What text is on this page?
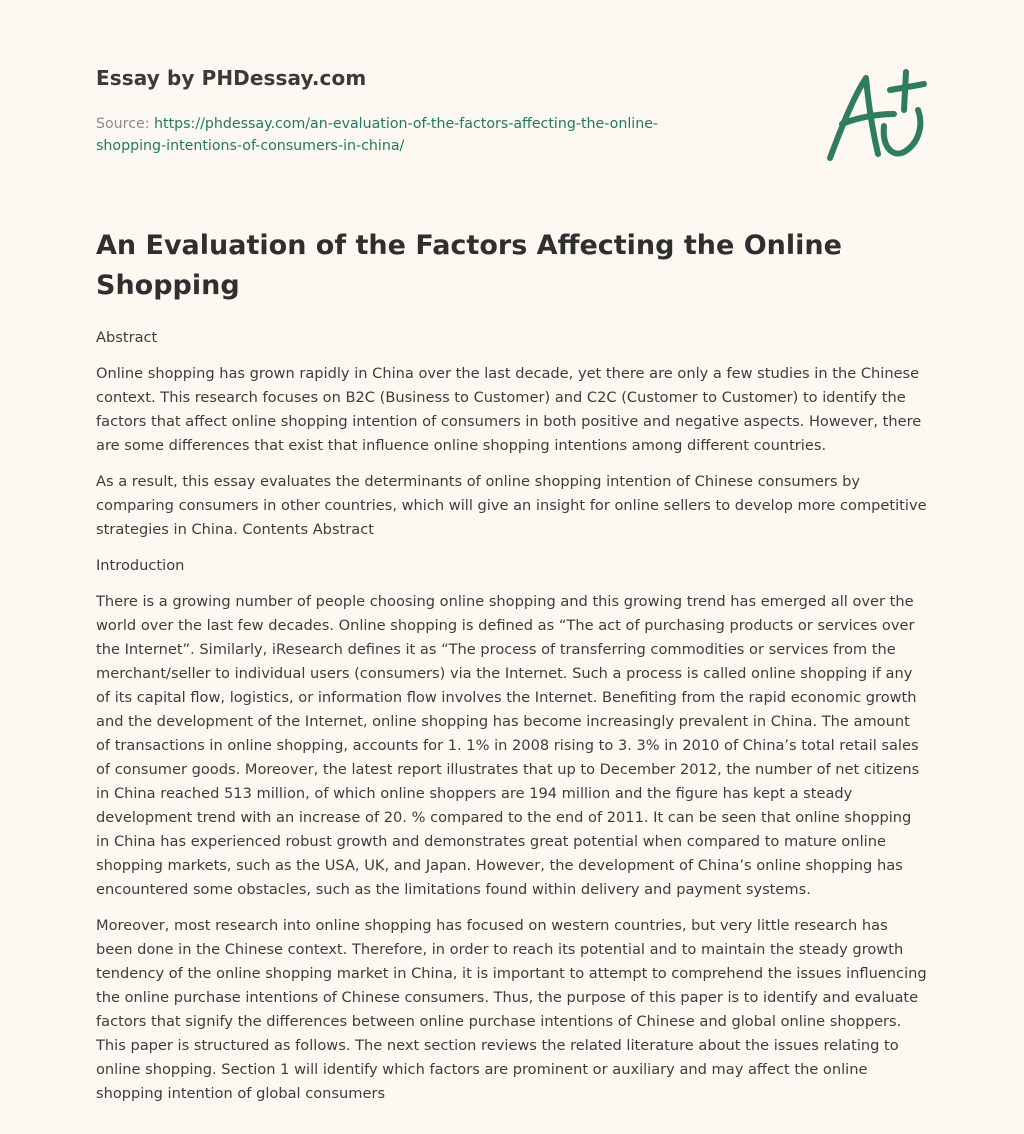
Essay by PHDessay.com
Source: https://phdessay.com/an-evaluation-of-the-factors-affecting-the-online-
shopping-intentions-of-consumers-in-china/
An Evaluation of the Factors Affecting the Online Shopping

Abstract

Online shopping has grown rapidly in China over the last decade, yet there are only a few studies in the Chinese context. This research focuses on B2C (Business to Customer) and C2C (Customer to Customer) to identify the factors that affect online shopping intention of consumers in both positive and negative aspects. However, there are some differences that exist that influence online shopping intentions among different countries.

As a result, this essay evaluates the determinants of online shopping intention of Chinese consumers by comparing consumers in other countries, which will give an insight for online sellers to develop more competitive strategies in China. Contents Abstract

Introduction

There is a growing number of people choosing online shopping and this growing trend has emerged all over the world over the last few decades. Online shopping is defined as “The act of purchasing products or services over the Internet”. Similarly, iResearch defines it as “The process of transferring commodities or services from the merchant/seller to individual users (consumers) via the Internet. Such a process is called online shopping if any of its capital flow, logistics, or information flow involves the Internet. Benefiting from the rapid economic growth and the development of the Internet, online shopping has become increasingly prevalent in China. The amount of transactions in online shopping, accounts for 1. 1% in 2008 rising to 3. 3% in 2010 of China’s total retail sales of consumer goods. Moreover, the latest report illustrates that up to December 2012, the number of net citizens in China reached 513 million, of which online shoppers are 194 million and the figure has kept a steady development trend with an increase of 20. % compared to the end of 2011. It can be seen that online shopping in China has experienced robust growth and demonstrates great potential when compared to mature online shopping markets, such as the USA, UK, and Japan. However, the development of China’s online shopping has encountered some obstacles, such as the limitations found within delivery and payment systems.

Moreover, most research into online shopping has focused on western countries, but very little research has been done in the Chinese context. Therefore, in order to reach its potential and to maintain the steady growth tendency of the online shopping market in China, it is important to attempt to comprehend the issues influencing the online purchase intentions of Chinese consumers. Thus, the purpose of this paper is to identify and evaluate factors that signify the differences between online purchase intentions of Chinese and global online shoppers. This paper is structured as follows. The next section reviews the related literature about the issues relating to online shopping. Section 1 will identify which factors are prominent or auxiliary and may affect the online shopping intention of global consumers
